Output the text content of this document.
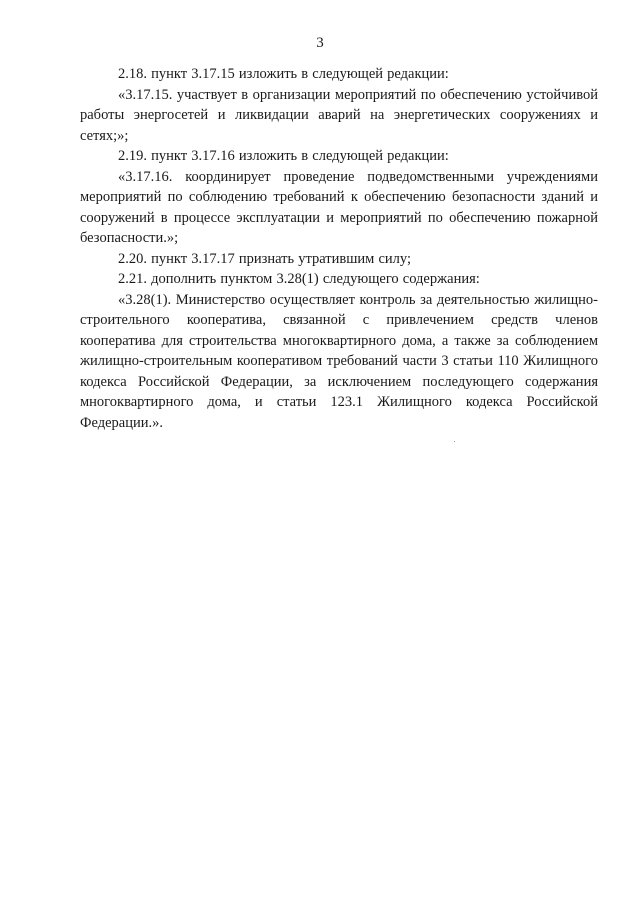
3

2.18. пункт 3.17.15 изложить в следующей редакции:

«3.17.15. участвует в организации мероприятий по обеспечению устойчивой работы энергосетей и ликвидации аварий на энергетических сооружениях и сетях;»;

2.19. пункт 3.17.16 изложить в следующей редакции:

«3.17.16. координирует проведение подведомственными учреждениями мероприятий по соблюдению требований к обеспечению безопасности зданий и сооружений в процессе эксплуатации и мероприятий по обеспечению пожарной безопасности.»;

2.20. пункт 3.17.17 признать утратившим силу;

2.21. дополнить пунктом 3.28(1) следующего содержания:

«3.28(1). Министерство осуществляет контроль за деятельностью жилищно-строительного кооператива, связанной с привлечением средств членов кооператива для строительства многоквартирного дома, а также за соблюдением жилищно-строительным кооперативом требований части 3 статьи 110 Жилищного кодекса Российской Федерации, за исключением последующего содержания многоквартирного дома, и статьи 123.1 Жилищного кодекса Российской Федерации.».
